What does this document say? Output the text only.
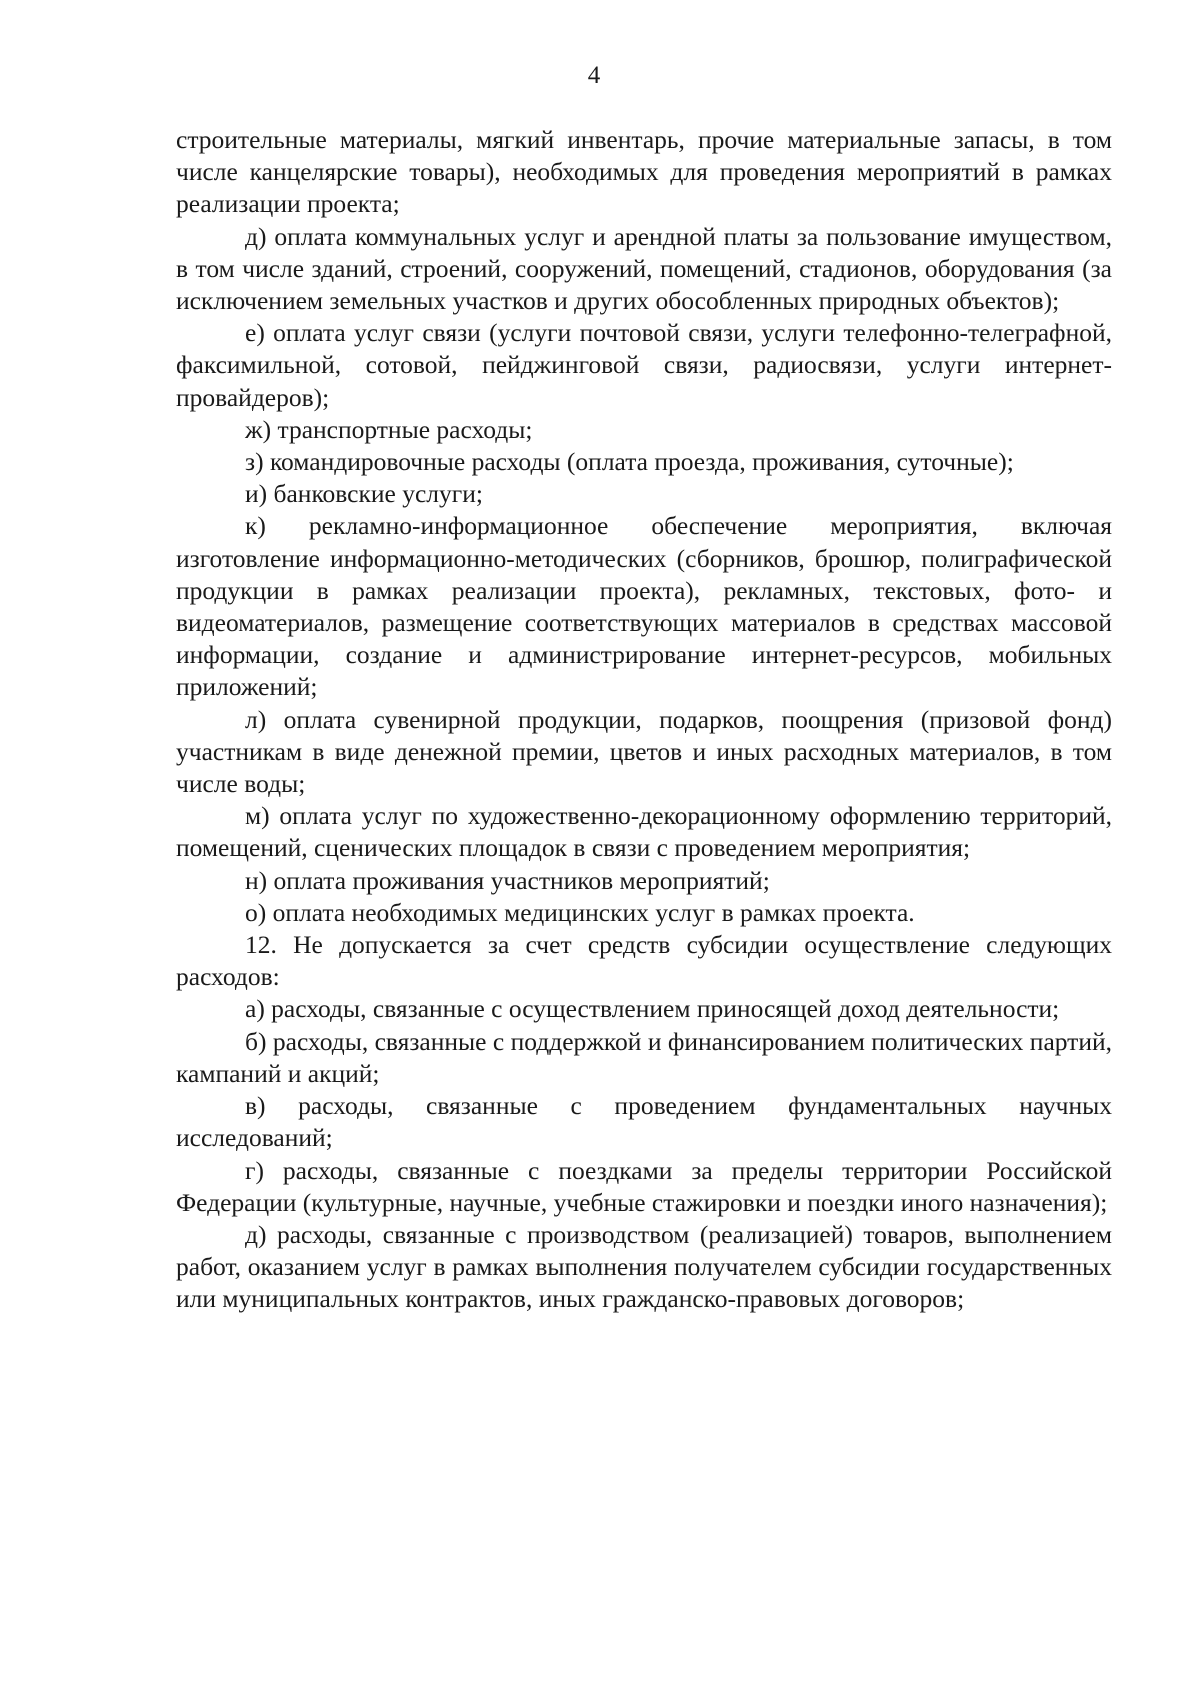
4

строительные материалы, мягкий инвентарь, прочие материальные запасы, в том числе канцелярские товары), необходимых для проведения мероприятий в рамках реализации проекта;

д) оплата коммунальных услуг и арендной платы за пользование имуществом, в том числе зданий, строений, сооружений, помещений, стадионов, оборудования (за исключением земельных участков и других обособленных природных объектов);

е) оплата услуг связи (услуги почтовой связи, услуги телефонно-телеграфной, факсимильной, сотовой, пейджинговой связи, радиосвязи, услуги интернет-провайдеров);

ж) транспортные расходы;

з) командировочные расходы (оплата проезда, проживания, суточные);

и) банковские услуги;

к) рекламно-информационное обеспечение мероприятия, включая изготовление информационно-методических (сборников, брошюр, полиграфической продукции в рамках реализации проекта), рекламных, текстовых, фото- и видеоматериалов, размещение соответствующих материалов в средствах массовой информации, создание и администрирование интернет-ресурсов, мобильных приложений;

л) оплата сувенирной продукции, подарков, поощрения (призовой фонд) участникам в виде денежной премии, цветов и иных расходных материалов, в том числе воды;

м) оплата услуг по художественно-декорационному оформлению территорий, помещений, сценических площадок в связи с проведением мероприятия;

н) оплата проживания участников мероприятий;

о) оплата необходимых медицинских услуг в рамках проекта.

12. Не допускается за счет средств субсидии осуществление следующих расходов:

а) расходы, связанные с осуществлением приносящей доход деятельности;

б) расходы, связанные с поддержкой и финансированием политических партий, кампаний и акций;

в) расходы, связанные с проведением фундаментальных научных исследований;

г) расходы, связанные с поездками за пределы территории Российской Федерации (культурные, научные, учебные стажировки и поездки иного назначения);

д) расходы, связанные с производством (реализацией) товаров, выполнением работ, оказанием услуг в рамках выполнения получателем субсидии государственных или муниципальных контрактов, иных гражданско-правовых договоров;
